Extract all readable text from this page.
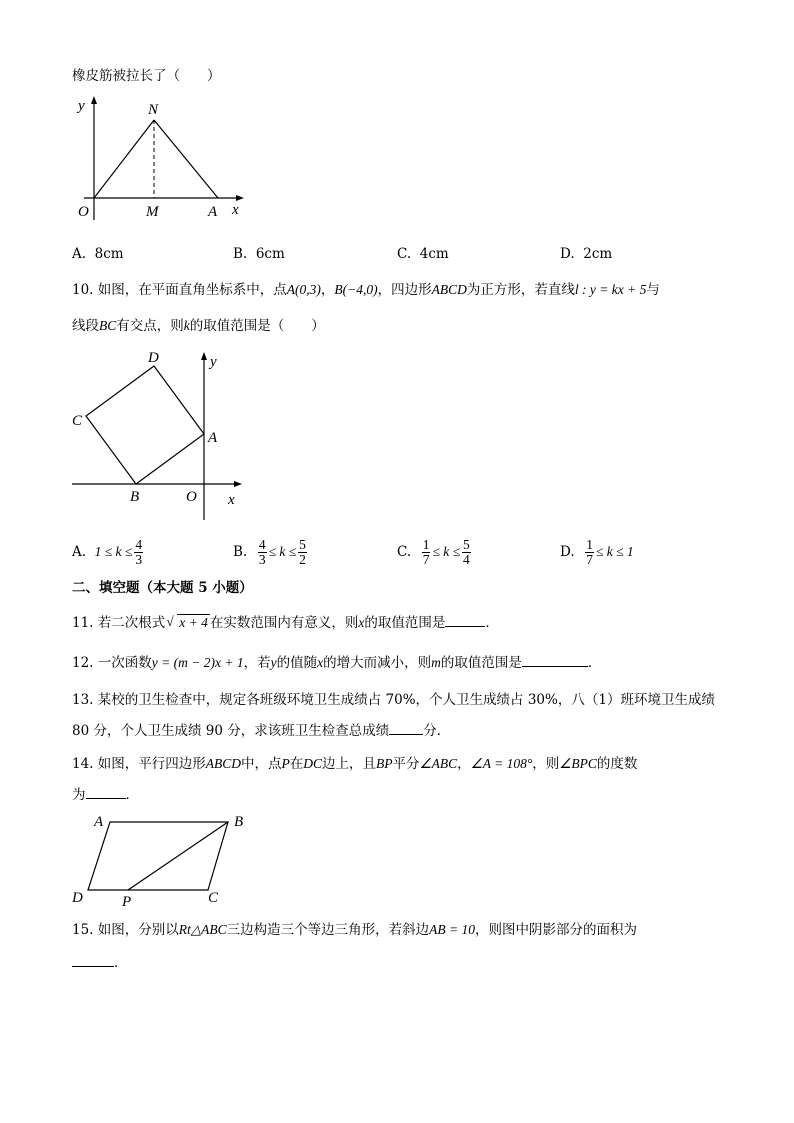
橡皮筋被拉长了（　　）
y	N
O	M	A x
A. 8cm	B. 6cm	C. 4cm	D. 2cm
10. 如图，在平面直角坐标系中，点A(0,3)，B(−4,0)，四边形ABCD为正方形，若直线l : y = kx + 5与
线段BC有交点，则k的取值范围是（　　）
D	y
C
A
B	O x
A. $1 \le k \le \frac{4}{3}$	B. $\frac{4}{3} \le k \le \frac{5}{2}$	C. $\frac{1}{7} \le k \le \frac{5}{4}$	D. $\frac{1}{7} \le k \le 1$
二、填空题（本大题 5 小题）
11. 若二次根式 √ x + 4 在实数范围内有意义，则x的取值范围是	．
12. 一次函数y = (m − 2)x + 1，若y的值随x的增大而减小，则m的取值范围是	．
13. 某校的卫生检查中，规定各班级环境卫生成绩占 70%，个人卫生成绩占 30%，八（1）班环境卫生成绩
80 分，个人卫生成绩 90 分，求该班卫生检查总成绩	分．
14. 如图，平行四边形ABCD中，点P在DC边上，且BP平分∠ABC，∠A = 108°，则∠BPC的度数
为	．
A	B
D	P	C
15. 如图，分别以Rt△ABC三边构造三个等边三角形，若斜边AB = 10，则图中阴影部分的面积为
．
